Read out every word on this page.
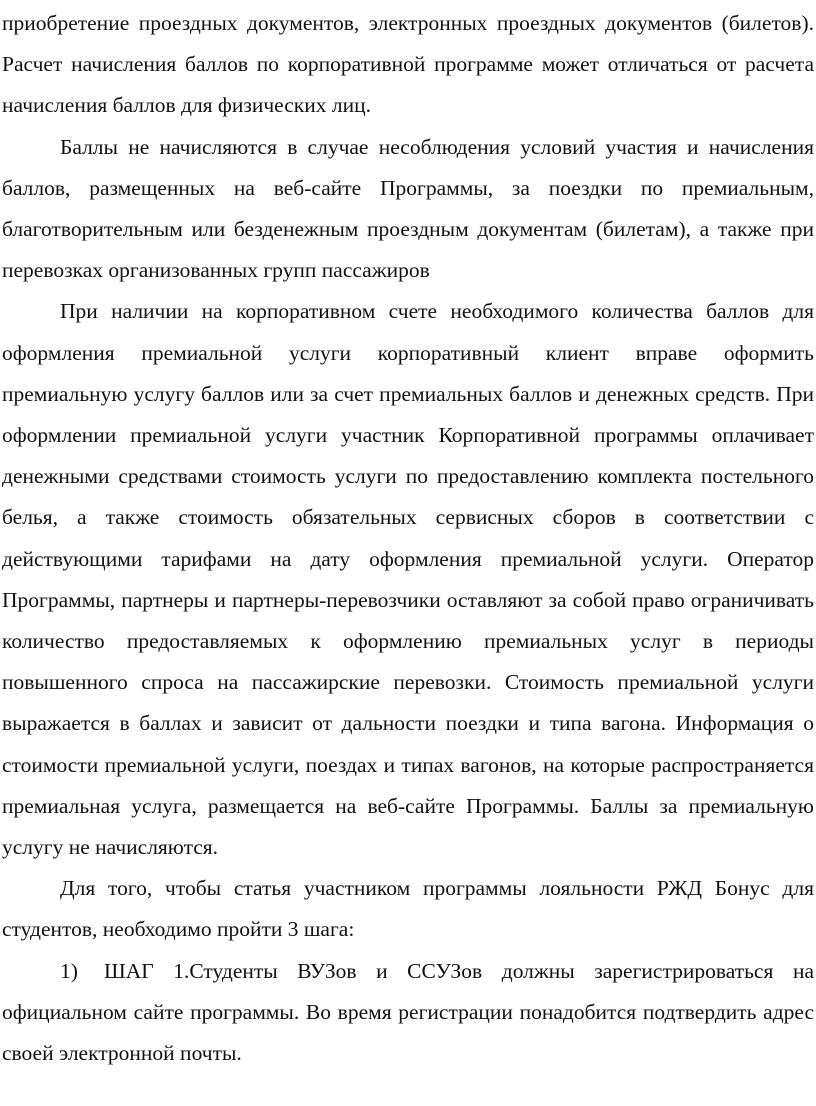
приобретение проездных документов, электронных проездных документов (билетов). Расчет начисления баллов по корпоративной программе может отличаться от расчета начисления баллов для физических лиц.

Баллы не начисляются в случае несоблюдения условий участия и начисления баллов, размещенных на веб-сайте Программы, за поездки по премиальным, благотворительным или безденежным проездным документам (билетам), а также при перевозках организованных групп пассажиров

При наличии на корпоративном счете необходимого количества баллов для оформления премиальной услуги корпоративный клиент вправе оформить премиальную услугу баллов или за счет премиальных баллов и денежных средств. При оформлении премиальной услуги участник Корпоративной программы оплачивает денежными средствами стоимость услуги по предоставлению комплекта постельного белья, а также стоимость обязательных сервисных сборов в соответствии с действующими тарифами на дату оформления премиальной услуги. Оператор Программы, партнеры и партнеры-перевозчики оставляют за собой право ограничивать количество предоставляемых к оформлению премиальных услуг в периоды повышенного спроса на пассажирские перевозки. Стоимость премиальной услуги выражается в баллах и зависит от дальности поездки и типа вагона. Информация о стоимости премиальной услуги, поездах и типах вагонов, на которые распространяется премиальная услуга, размещается на веб-сайте Программы. Баллы за премиальную услугу не начисляются.

Для того, чтобы статья участником программы лояльности РЖД Бонус для студентов, необходимо пройти 3 шага:

1) ШАГ 1.Студенты ВУЗов и ССУЗов должны зарегистрироваться на официальном сайте программы. Во время регистрации понадобится подтвердить адрес своей электронной почты.
